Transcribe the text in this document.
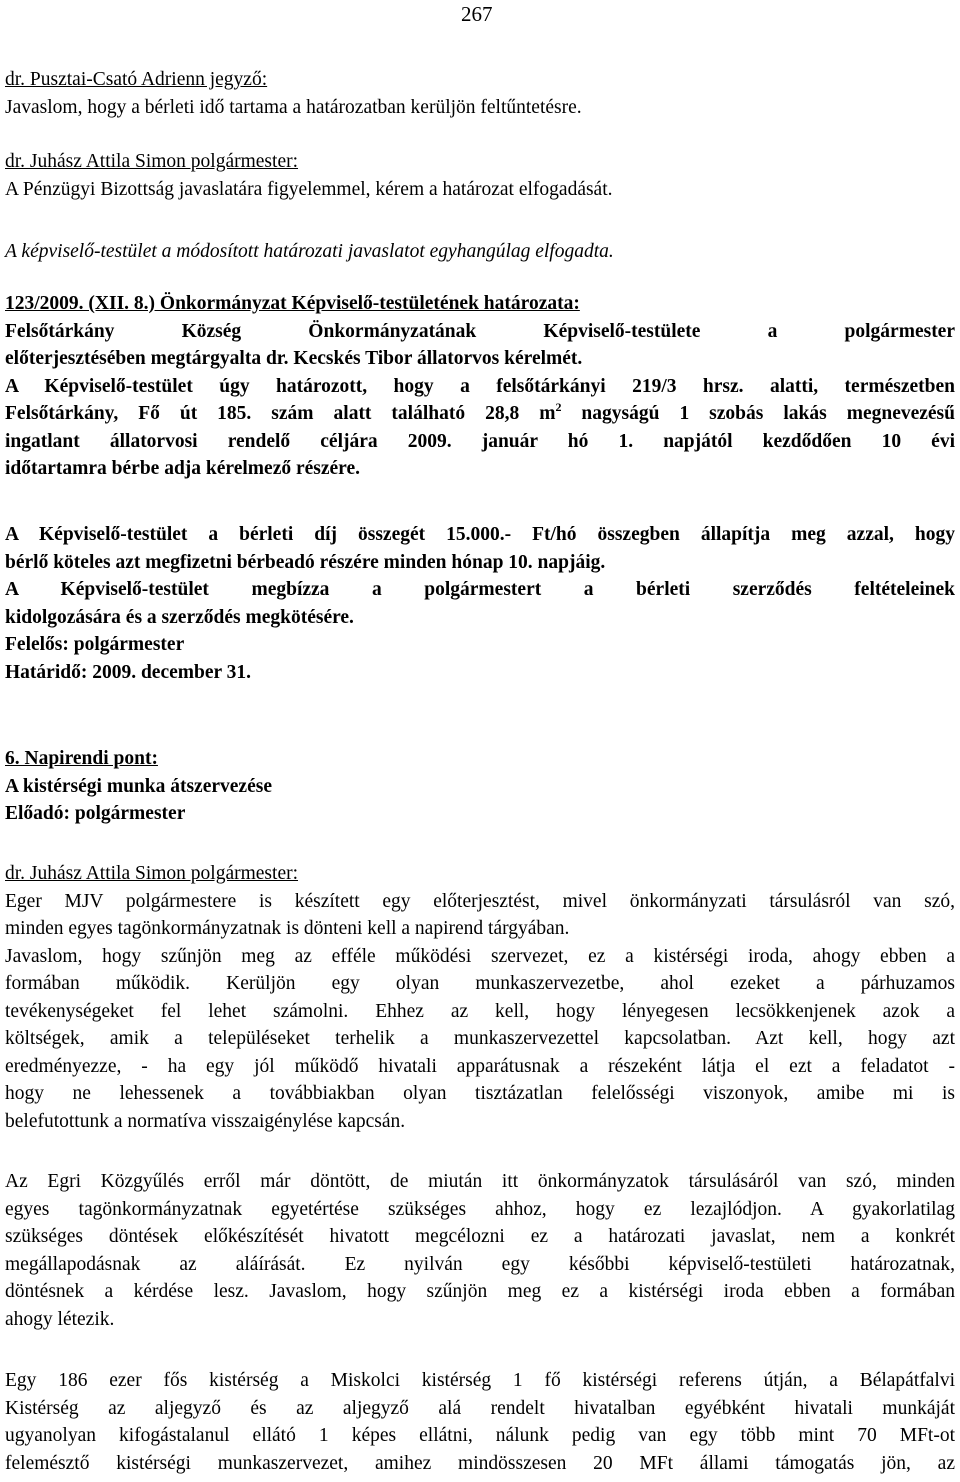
267

dr. Pusztai-Csató Adrienn jegyző:

Javaslom, hogy a bérleti idő tartama a határozatban kerüljön feltűntetésre.

dr. Juhász Attila Simon polgármester:

A Pénzügyi Bizottság javaslatára figyelemmel, kérem a határozat elfogadását.

A képviselő-testület a módosított határozati javaslatot egyhangúlag elfogadta.

123/2009. (XII. 8.) Önkormányzat Képviselő-testületének határozata:

Felsőtárkány Község Önkormányzatának Képviselő-testülete a polgármester

előterjesztésében megtárgyalta dr. Kecskés Tibor állatorvos kérelmét.

A Képviselő-testület úgy határozott, hogy a felsőtárkányi 219/3 hrsz. alatti, természetben

Felsőtárkány, Fő út 185. szám alatt található 28,8 $m^2$ nagyságú 1 szobás lakás megnevezésű

ingatlant állatorvosi rendelő céljára 2009. január hó 1. napjától kezdődően 10 évi

időtartamra bérbe adja kérelmező részére.

A Képviselő-testület a bérleti díj összegét 15.000.- Ft/hó összegben állapítja meg azzal, hogy

bérlő köteles azt megfizetni bérbeadó részére minden hónap 10. napjáig.

A Képviselő-testület megbízza a polgármestert a bérleti szerződés feltételeinek

kidolgozására és a szerződés megkötésére.

Felelős: polgármester

Határidő: 2009. december 31.

6. Napirendi pont:

A kistérségi munka átszervezése

Előadó: polgármester

dr. Juhász Attila Simon polgármester:

Eger MJV polgármestere is készített egy előterjesztést, mivel önkormányzati társulásról van szó,

minden egyes tagönkormányzatnak is dönteni kell a napirend tárgyában.

Javaslom, hogy szűnjön meg az efféle működési szervezet, ez a kistérségi iroda, ahogy ebben a

formában működik. Kerüljön egy olyan munkaszervezetbe, ahol ezeket a párhuzamos

tevékenységeket fel lehet számolni. Ehhez az kell, hogy lényegesen lecsökkenjenek azok a

költségek, amik a településeket terhelik a munkaszervezettel kapcsolatban. Azt kell, hogy azt

eredményezze, - ha egy jól működő hivatali apparátusnak a részeként látja el ezt a feladatot -

hogy ne lehessenek a továbbiakban olyan tisztázatlan felelősségi viszonyok, amibe mi is

belefutottunk a normatíva visszaigénylése kapcsán.

Az Egri Közgyűlés erről már döntött, de miután itt önkormányzatok társulásáról van szó, minden

egyes tagönkormányzatnak egyetértése szükséges ahhoz, hogy ez lezajlódjon. A gyakorlatilag

szükséges döntések előkészítését hivatott megcélozni ez a határozati javaslat, nem a konkrét

megállapodásnak az aláírását. Ez nyilván egy későbbi képviselő-testületi határozatnak,

döntésnek a kérdése lesz. Javaslom, hogy szűnjön meg ez a kistérségi iroda ebben a formában

ahogy létezik.

Egy 186 ezer fős kistérség a Miskolci kistérség 1 fő kistérségi referens útján, a Bélapátfalvi

Kistérség az aljegyző és az aljegyző alá rendelt hivatalban egyébként hivatali munkáját

ugyanolyan kifogástalanul ellátó 1 képes ellátni, nálunk pedig van egy több mint 70 MFt-ot

felemésztő kistérségi munkaszervezet, amihez mindösszesen 20 MFt állami támogatás jön, az
